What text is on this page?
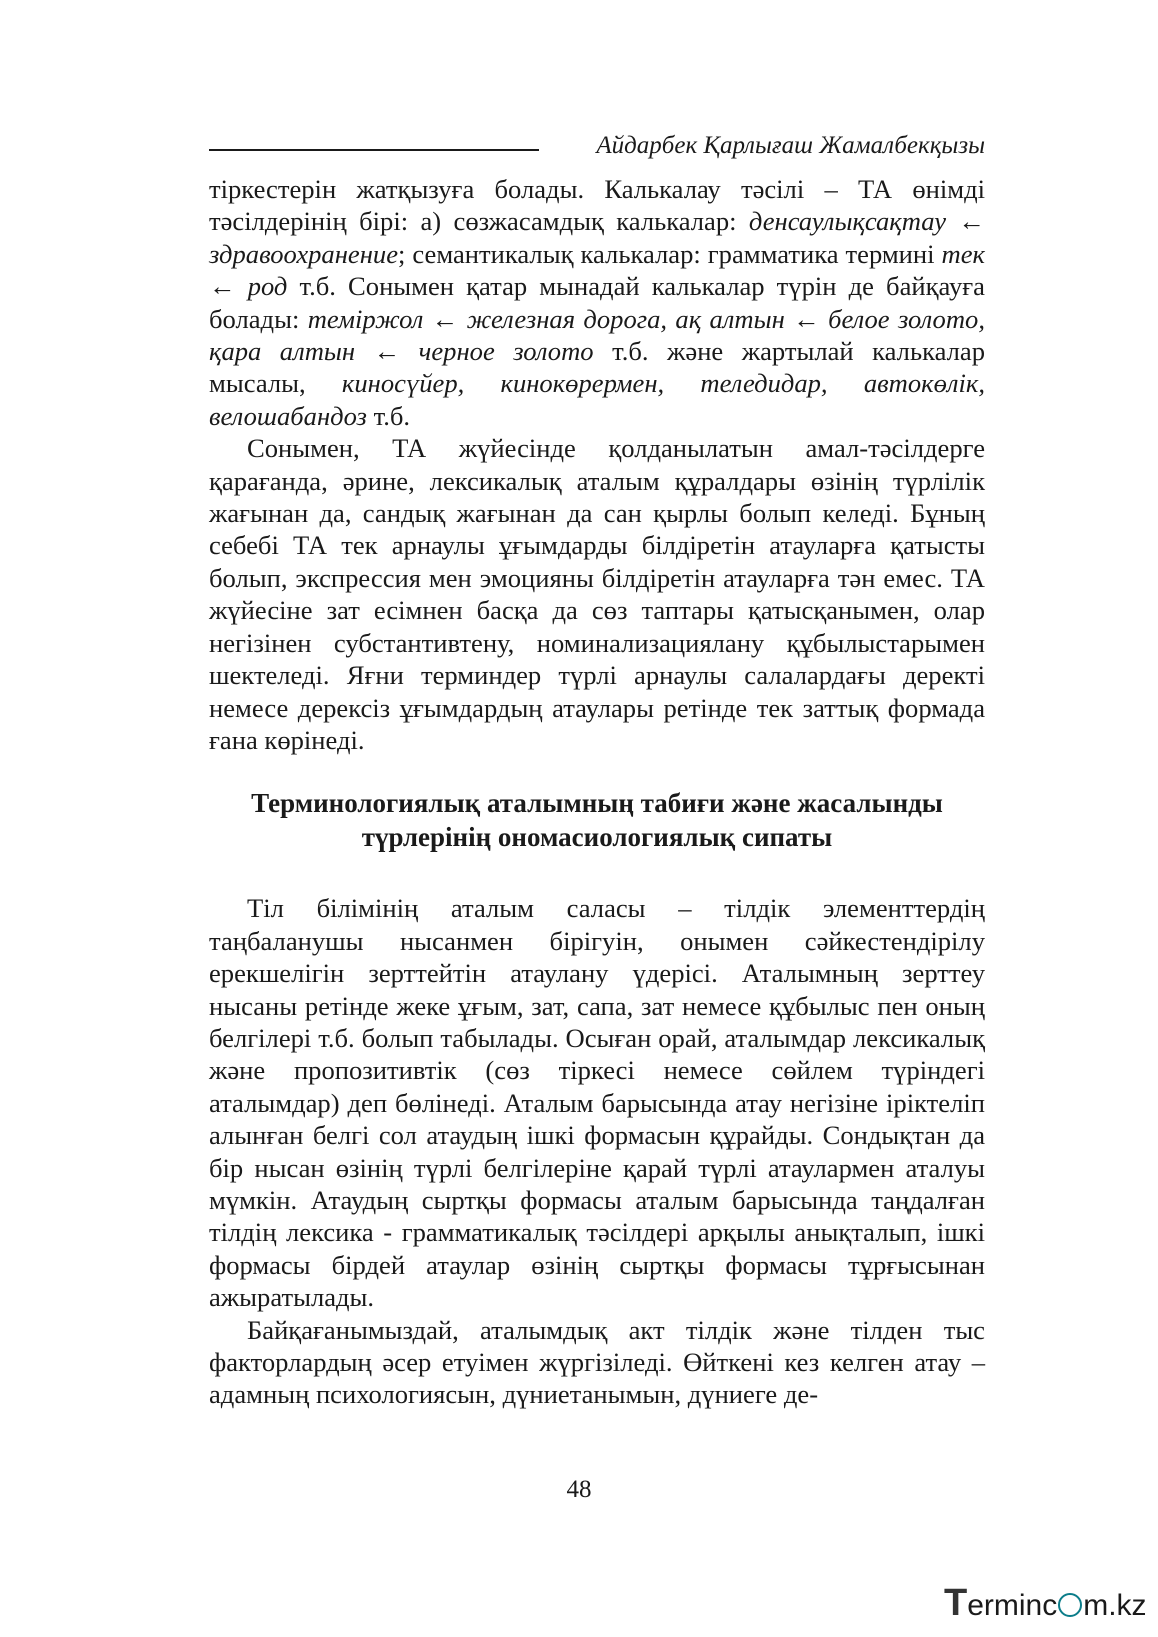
Айдарбек Қарлығаш Жамалбекқызы

тіркестерін жатқызуға болады. Калькалау тәсілі – ТА өнімді тәсілдерінің бірі: а) сөзжасамдық калькалар: денсаулықсақтау ← здравоохранение; семантикалық калькалар: грамматика термині тек ← род т.б. Сонымен қатар мынадай калькалар түрін де байқауға болады: теміржол ← железная дорога, ақ алтын ← белое золото, қара алтын ← черное золото т.б. және жартылай калькалар мысалы, киносүйер, кинокөрермен, теледидар, автокөлік, велошабандоз т.б.

Сонымен, ТА жүйесінде қолданылатын амал-тәсілдерге қарағанда, әрине, лексикалық аталым құралдары өзінің түрлілік жағынан да, сандық жағынан да сан қырлы болып келеді. Бұның себебі ТА тек арнаулы ұғымдарды білдіретін атауларға қатысты болып, экспрессия мен эмоцияны білдіретін атауларға тән емес. ТА жүйесіне зат есімнен басқа да сөз таптары қатысқанымен, олар негізінен субстантивтену, номинализациялану құбылыстарымен шектеледі. Яғни терминдер түрлі арнаулы салалардағы деректі немесе дерексіз ұғымдардың атаулары ретінде тек заттық формада ғана көрінеді.

Терминологиялық аталымның табиғи және жасалынды түрлерінің ономасиологиялық сипаты

Тіл білімінің аталым саласы – тілдік элементтердің таңбаланушы нысанмен бірігуін, онымен сәйкестендірілу ерекшелігін зерттейтін атаулану үдерісі. Аталымның зерттеу нысаны ретінде жеке ұғым, зат, сапа, зат немесе құбылыс пен оның белгілері т.б. болып табылады. Осыған орай, аталымдар лексикалық және пропозитивтік (сөз тіркесі немесе сөйлем түріндегі аталымдар) деп бөлінеді. Аталым барысында атау негізіне іріктеліп алынған белгі сол атаудың ішкі формасын құрайды. Сондықтан да бір нысан өзінің түрлі белгілеріне қарай түрлі атаулармен аталуы мүмкін. Атаудың сыртқы формасы аталым барысында таңдалған тілдің лексика - грамматикалық тәсілдері арқылы анықталып, ішкі формасы бірдей атаулар өзінің сыртқы формасы тұрғысынан ажыратылады.

Байқағанымыздай, аталымдық акт тілдік және тілден тыс факторлардың әсер етуімен жүргізіледі. Өйткені кез келген атау – адамның психологиясын, дүниетанымын, дүниеге де-

48
Terminc m.kz
